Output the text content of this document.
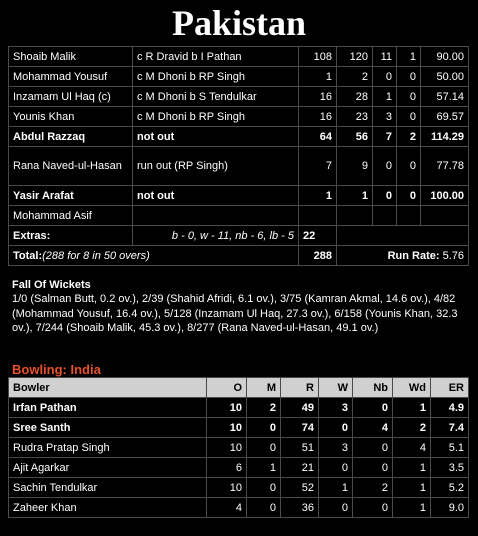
Pakistan
Shoaib Malik	c R Dravid b I Pathan	108	120	11	1	90.00
Mohammad Yousuf	c M Dhoni b RP Singh	1	2	0	0	50.00
Inzamam Ul Haq (c)	c M Dhoni b S Tendulkar	16	28	1	0	57.14
Younis Khan	c M Dhoni b RP Singh	16	23	3	0	69.57
Abdul Razzaq	not out	64	56	7	2	114.29
Rana Naved-ul-Hasan	run out (RP Singh)	7	9	0	0	77.78
Yasir Arafat	not out	1	1	0	0	100.00
Mohammad Asif						
Extras:	b - 0, w - 11, nb - 6, lb - 5	22				
Total:(288 for 8 in 50 overs)		288	Run Rate: 5.76			
Fall Of Wickets
1/0 (Salman Butt, 0.2 ov.), 2/39 (Shahid Afridi, 6.1 ov.), 3/75 (Kamran Akmal, 14.6 ov.), 4/82 (Mohammad Yousuf, 16.4 ov.), 5/128 (Inzamam Ul Haq, 27.3 ov.), 6/158 (Younis Khan, 32.3 ov.), 7/244 (Shoaib Malik, 45.3 ov.), 8/277 (Rana Naved-ul-Hasan, 49.1 ov.)
Bowling: India
Bowler	O	M	R	W	Nb	Wd	ER
Irfan Pathan	10	2	49	3	0	1	4.9
Sree Santh	10	0	74	0	4	2	7.4
Rudra Pratap Singh	10	0	51	3	0	4	5.1
Ajit Agarkar	6	1	21	0	0	1	3.5
Sachin Tendulkar	10	0	52	1	2	1	5.2
Zaheer Khan	4	0	36	0	0	1	9.0
